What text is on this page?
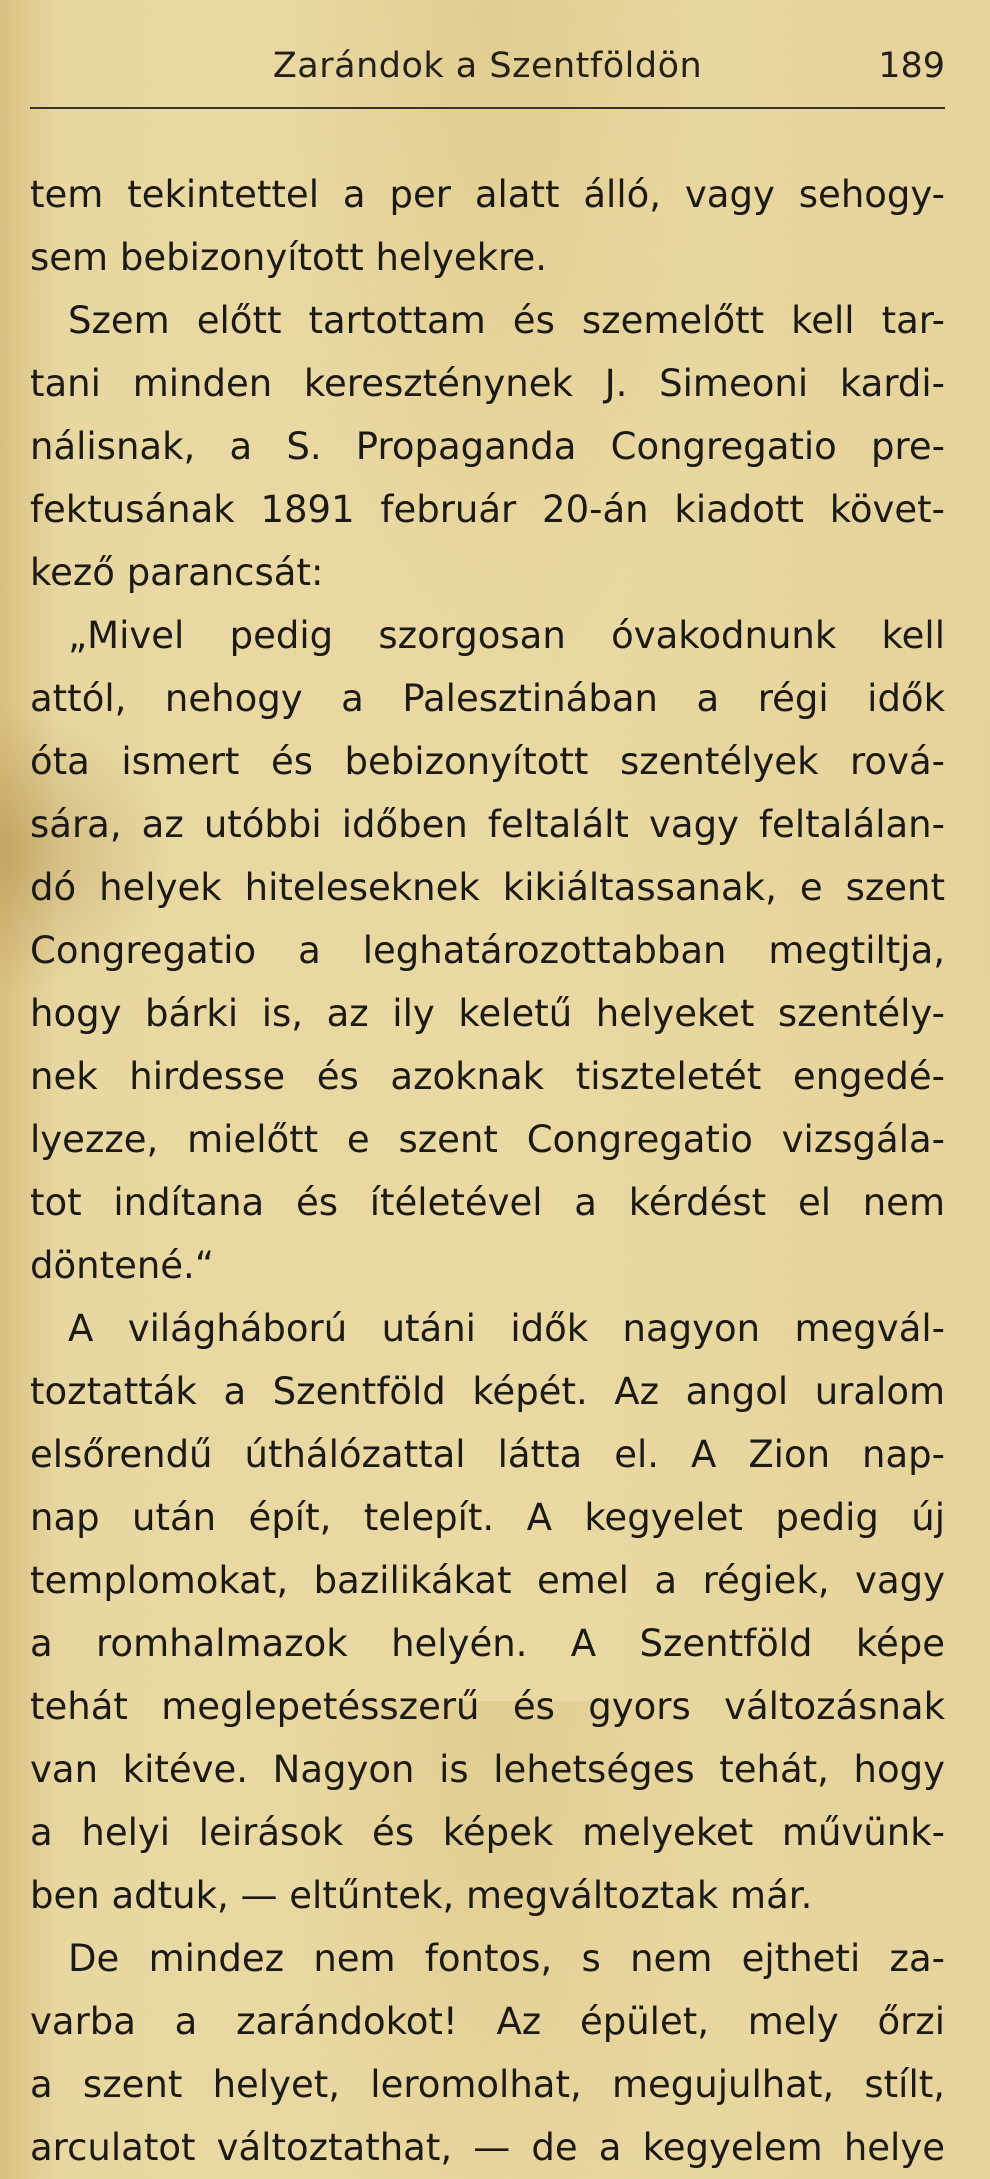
Zarándok a Szentföldön	189
tem tekintettel a per alatt álló, vagy sehogy-
sem bebizonyított helyekre.
Szem előtt tartottam és szemelőtt kell tar-
tani minden kereszténynek J. Simeoni kardi-
nálisnak, a S. Propaganda Congregatio pre-
fektusának 1891 február 20-án kiadott követ-
kező parancsát:
„Mivel pedig szorgosan óvakodnunk kell
attól, nehogy a Palesztinában a régi idők
óta ismert és bebizonyított szentélyek rová-
sára, az utóbbi időben feltalált vagy feltalálan-
dó helyek hiteleseknek kikiáltassanak, e szent
Congregatio a leghatározottabban megtiltja,
hogy bárki is, az ily keletű helyeket szentély-
nek hirdesse és azoknak tiszteletét engedé-
lyezze, mielőtt e szent Congregatio vizsgála-
tot indítana és ítéletével a kérdést el nem
döntené.“
A világháború utáni idők nagyon megvál-
toztatták a Szentföld képét. Az angol uralom
elsőrendű úthálózattal látta el. A Zion nap-
nap után épít, telepít. A kegyelet pedig új
templomokat, bazilikákat emel a régiek, vagy
a romhalmazok helyén. A Szentföld képe
tehát meglepetésszerű és gyors változásnak
van kitéve. Nagyon is lehetséges tehát, hogy
a helyi leirások és képek melyeket művünk-
ben adtuk, — eltűntek, megváltoztak már.
De mindez nem fontos, s nem ejtheti za-
varba a zarándokot! Az épület, mely őrzi
a szent helyet, leromolhat, megujulhat, stílt,
arculatot változtathat, — de a kegyelem helye
